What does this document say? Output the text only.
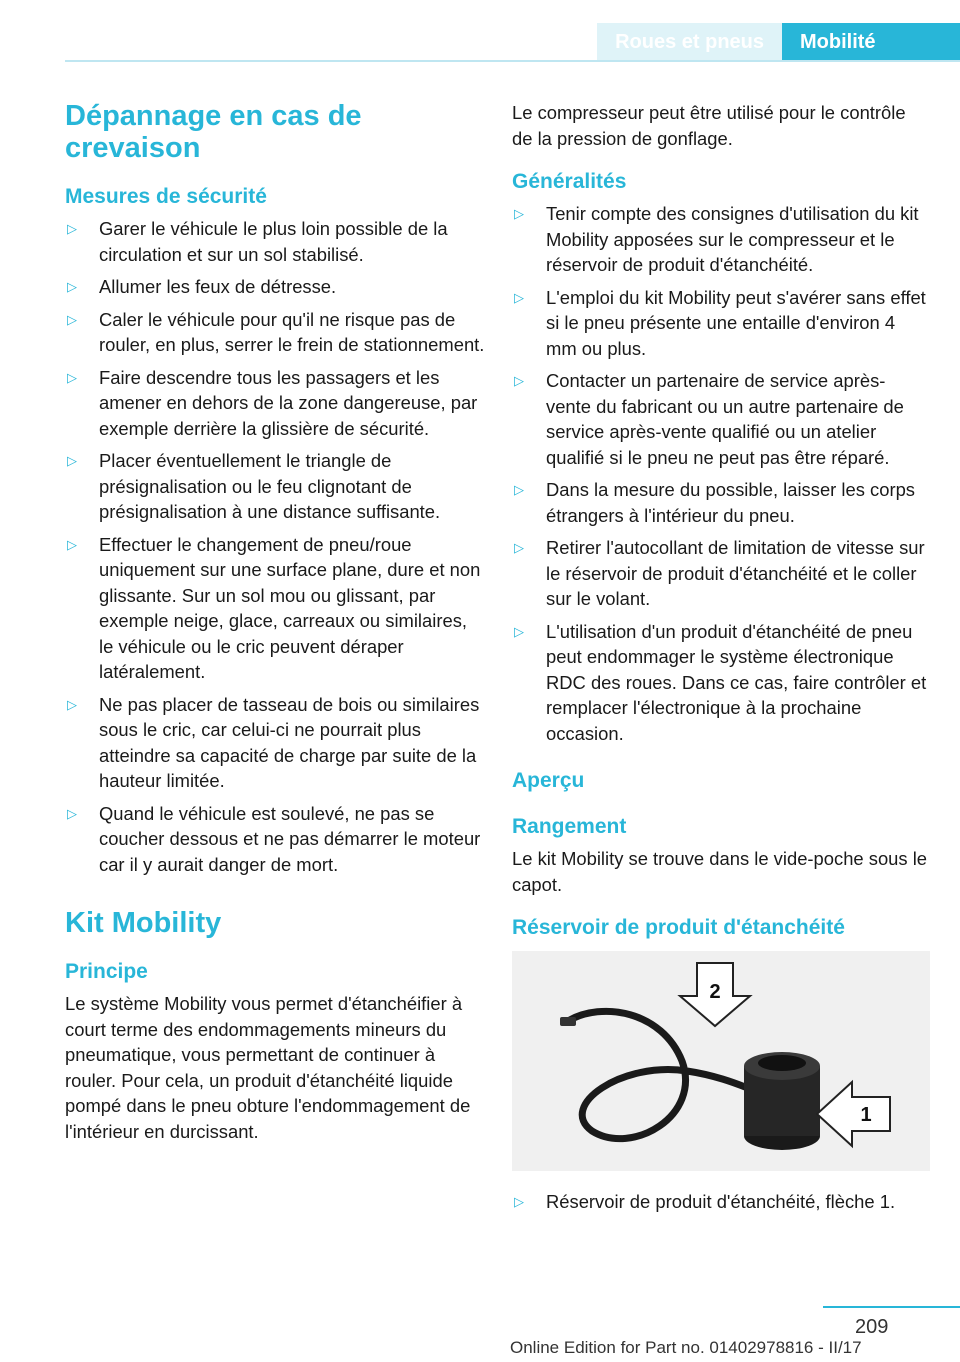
Roues et pneus	Mobilité
Dépannage en cas de crevaison
Mesures de sécurité
▷ Garer le véhicule le plus loin possible de la circulation et sur un sol stabilisé.
▷ Allumer les feux de détresse.
▷ Caler le véhicule pour qu'il ne risque pas de rouler, en plus, serrer le frein de stationnement.
▷ Faire descendre tous les passagers et les amener en dehors de la zone dangereuse, par exemple derrière la glissière de sécurité.
▷ Placer éventuellement le triangle de présignalisation ou le feu clignotant de présignalisation à une distance suffisante.
▷ Effectuer le changement de pneu/roue uniquement sur une surface plane, dure et non glissante. Sur un sol mou ou glissant, par exemple neige, glace, carreaux ou similaires, le véhicule ou le cric peuvent déraper latéralement.
▷ Ne pas placer de tasseau de bois ou similaires sous le cric, car celui-ci ne pourrait plus atteindre sa capacité de charge par suite de la hauteur limitée.
▷ Quand le véhicule est soulevé, ne pas se coucher dessous et ne pas démarrer le moteur car il y aurait danger de mort.
Kit Mobility
Principe

Le système Mobility vous permet d'étanchéifier à court terme des endommagements mineurs du pneumatique, vous permettant de continuer à rouler. Pour cela, un produit d'étanchéité liquide pompé dans le pneu obture l'endommagement de l'intérieur en durcissant.

Le compresseur peut être utilisé pour le contrôle de la pression de gonflage.

Généralités
▷ Tenir compte des consignes d'utilisation du kit Mobility apposées sur le compresseur et le réservoir de produit d'étanchéité.
▷ L'emploi du kit Mobility peut s'avérer sans effet si le pneu présente une entaille d'environ 4 mm ou plus.
▷ Contacter un partenaire de service après-vente du fabricant ou un autre partenaire de service après-vente qualifié ou un atelier qualifié si le pneu ne peut pas être réparé.
▷ Dans la mesure du possible, laisser les corps étrangers à l'intérieur du pneu.
▷ Retirer l'autocollant de limitation de vitesse sur le réservoir de produit d'étanchéité et le coller sur le volant.
▷ L'utilisation d'un produit d'étanchéité de pneu peut endommager le système électronique RDC des roues. Dans ce cas, faire contrôler et remplacer l'électronique à la prochaine occasion.
Aperçu
Rangement

Le kit Mobility se trouve dans le vide-poche sous le capot.

Réservoir de produit d'étanchéité
2
1
▷ Réservoir de produit d'étanchéité, flèche 1.
209
Online Edition for Part no. 01402978816 - II/17
